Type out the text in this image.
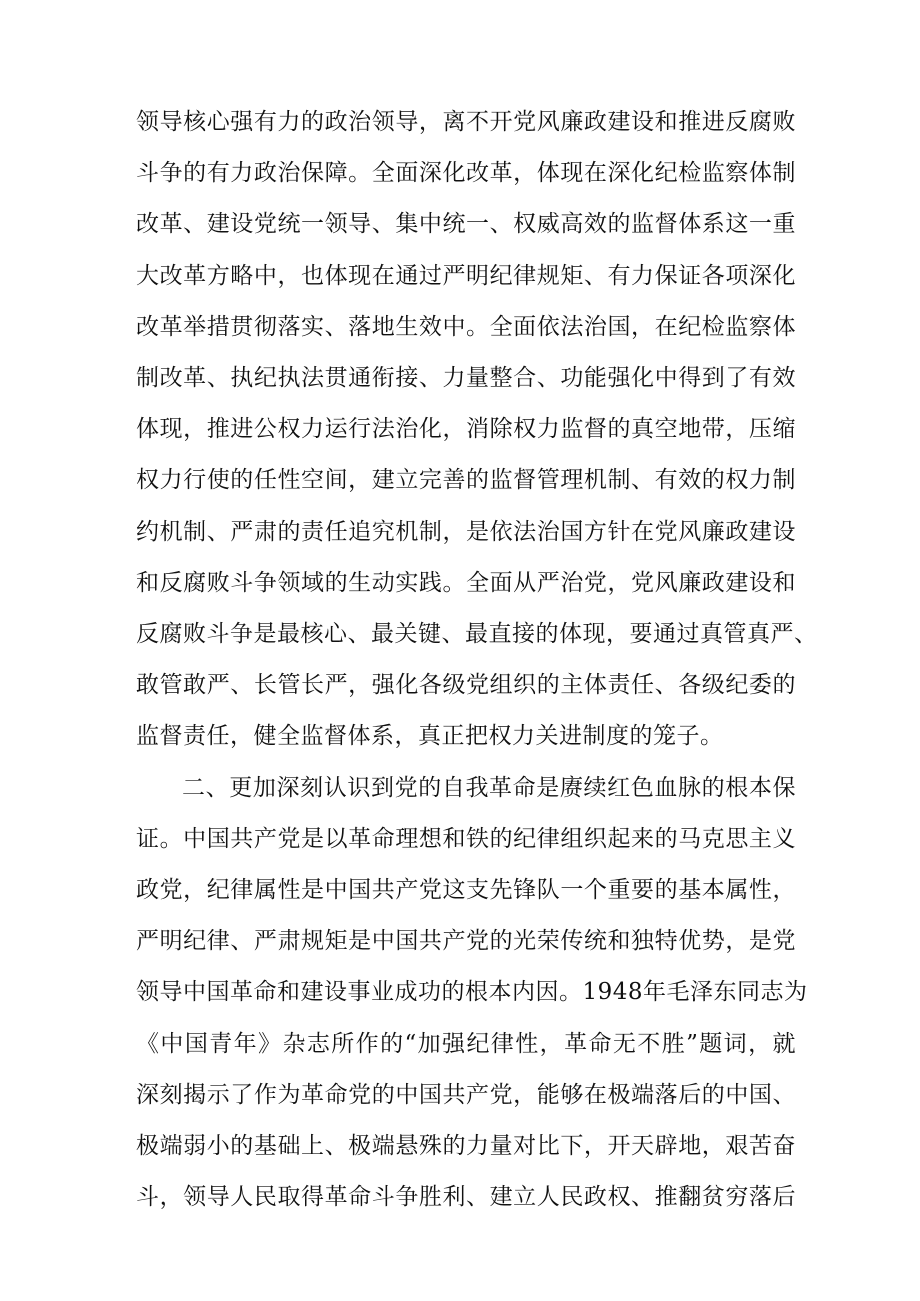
领导核心强有力的政治领导，离不开党风廉政建设和推进反腐败
斗争的有力政治保障。全面深化改革，体现在深化纪检监察体制
改革、建设党统一领导、集中统一、权威高效的监督体系这一重
大改革方略中，也体现在通过严明纪律规矩、有力保证各项深化
改革举措贯彻落实、落地生效中。全面依法治国，在纪检监察体
制改革、执纪执法贯通衔接、力量整合、功能强化中得到了有效
体现，推进公权力运行法治化，消除权力监督的真空地带，压缩
权力行使的任性空间，建立完善的监督管理机制、有效的权力制
约机制、严肃的责任追究机制，是依法治国方针在党风廉政建设
和反腐败斗争领域的生动实践。全面从严治党，党风廉政建设和
反腐败斗争是最核心、最关键、最直接的体现，要通过真管真严、
敢管敢严、长管长严，强化各级党组织的主体责任、各级纪委的
监督责任，健全监督体系，真正把权力关进制度的笼子。
二、更加深刻认识到党的自我革命是赓续红色血脉的根本保
证。中国共产党是以革命理想和铁的纪律组织起来的马克思主义
政党，纪律属性是中国共产党这支先锋队一个重要的基本属性，
严明纪律、严肃规矩是中国共产党的光荣传统和独特优势，是党
领导中国革命和建设事业成功的根本内因。1948年毛泽东同志为
《中国青年》杂志所作的“加强纪律性，革命无不胜”题词，就
深刻揭示了作为革命党的中国共产党，能够在极端落后的中国、
极端弱小的基础上、极端悬殊的力量对比下，开天辟地，艰苦奋
斗，领导人民取得革命斗争胜利、建立人民政权、推翻贫穷落后
